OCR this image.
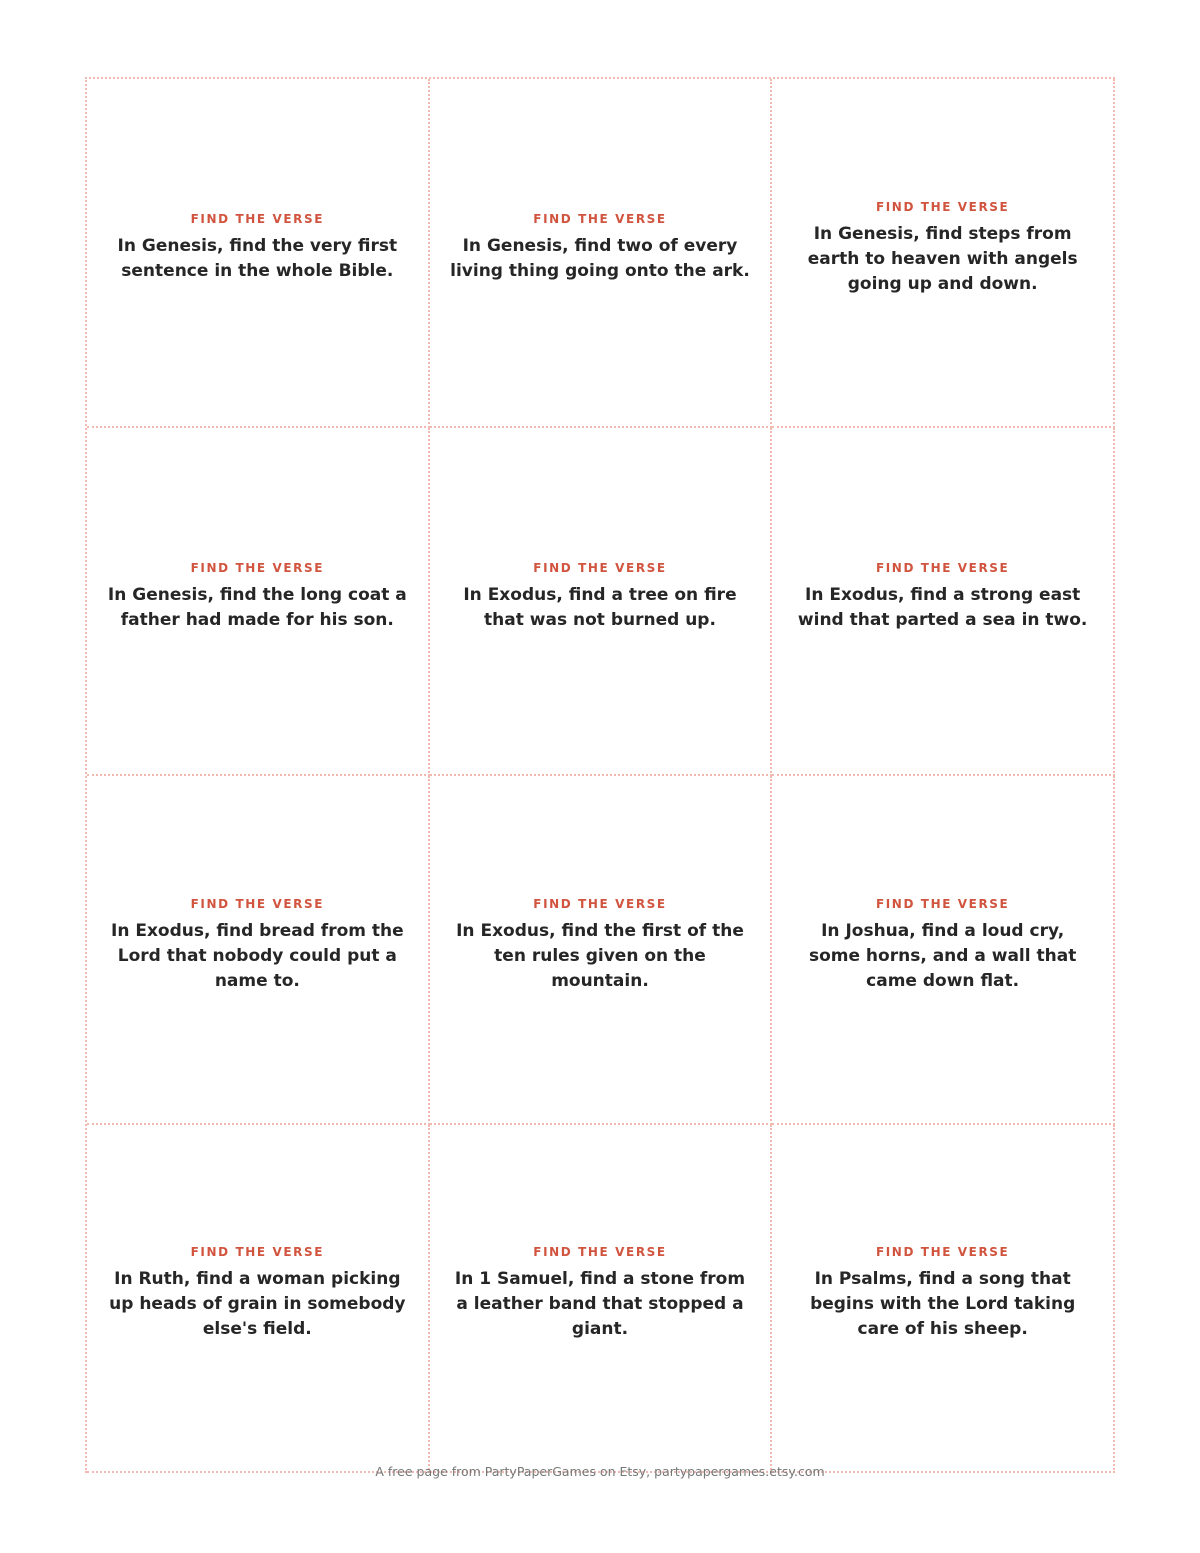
FIND THE VERSE
In Genesis, find the very first sentence in the whole Bible.
FIND THE VERSE
In Genesis, find two of every living thing going onto the ark.
FIND THE VERSE
In Genesis, find steps from earth to heaven with angels going up and down.
FIND THE VERSE
In Genesis, find the long coat a father had made for his son.
FIND THE VERSE
In Exodus, find a tree on fire that was not burned up.
FIND THE VERSE
In Exodus, find a strong east wind that parted a sea in two.
FIND THE VERSE
In Exodus, find bread from the Lord that nobody could put a name to.
FIND THE VERSE
In Exodus, find the first of the ten rules given on the mountain.
FIND THE VERSE
In Joshua, find a loud cry, some horns, and a wall that came down flat.
FIND THE VERSE
In Ruth, find a woman picking up heads of grain in somebody else's field.
FIND THE VERSE
In 1 Samuel, find a stone from a leather band that stopped a giant.
FIND THE VERSE
In Psalms, find a song that begins with the Lord taking care of his sheep.
A free page from PartyPaperGames on Etsy, partypapergames.etsy.com
